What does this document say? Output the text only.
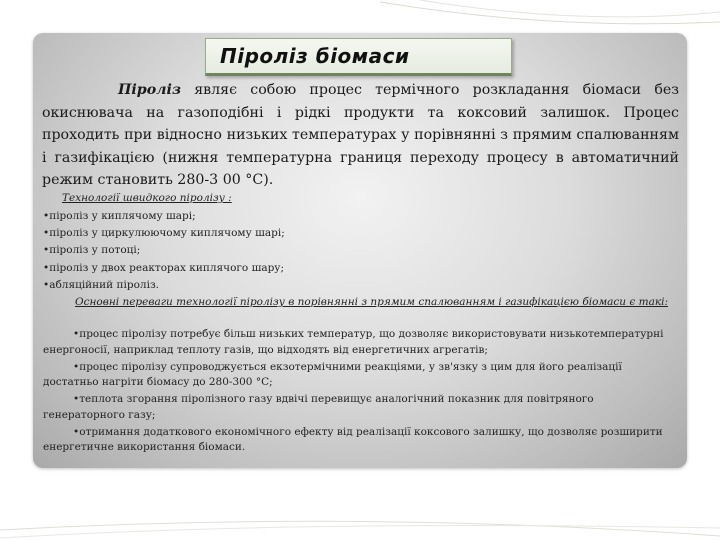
Піроліз біомаси

Піроліз являє собою процес термічного розкладання біомаси без окиснювача на газоподібні і рідкі продукти та коксовий залишок. Процес проходить при відносно низьких температурах у порівнянні з прямим спалюванням і газифікацією (нижня температурна границя переходу процесу в автоматичний режим становить 280-3 00 °С).

Технології швидкого піролізу :
•піроліз у киплячому шарі;
•піроліз у циркулюючому киплячому шарі;
•піроліз у потоці;
•піроліз у двох реакторах киплячого шару;
•абляційний піроліз.
Основні переваги технології піролізу в порівнянні з прямим спалюванням і газифікацією біомаси є такі:
•процес піролізу потребує більш низьких температур, що дозволяє використовувати низькотемпературні енергоносії, наприклад теплоту газів, що відходять від енергетичних агрегатів;
•процес піролізу супроводжується екзотермічними реакціями, у зв'язку з цим для його реалізації достатньо нагріти біомасу до 280-300 °С;
•теплота згорання піролізного газу вдвічі перевищує аналогічний показник для повітряного генераторного газу;
•отримання додаткового економічного ефекту від реалізації коксового залишку, що дозволяє розширити енергетичне використання біомаси.
